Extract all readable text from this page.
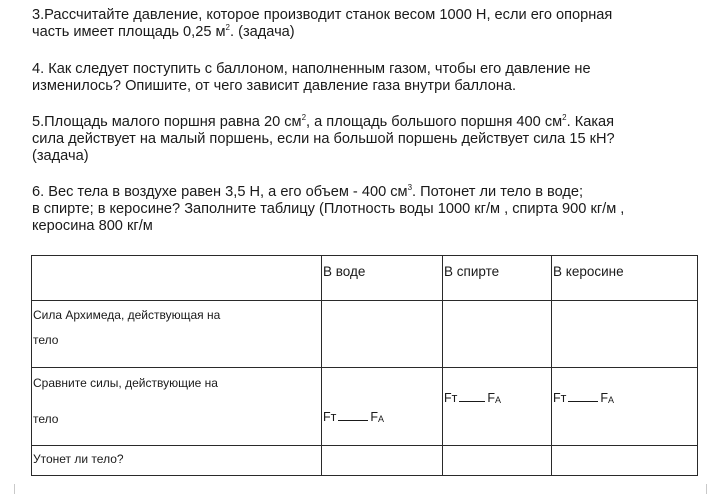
3.Рассчитайте давление, которое производит станок весом 1000 Н, если его опорная
часть имеет площадь 0,25 $м^2$. (задача)
4. Как следует поступить с баллоном, наполненным газом, чтобы его давление не
изменилось? Опишите, от чего зависит давление газа внутри баллона.
5.Площадь малого поршня равна 20 $см^2$, а площадь большого поршня 400 $см^2$. Какая
сила действует на малый поршень, если на большой поршень действует сила 15 кН?
(задача)
6. Вес тела в воздухе равен 3,5 Н, а его объем - 400 $см^3$. Потонет ли тело в воде;
в спирте; в керосине? Заполните таблицу (Плотность воды 1000 кг/м , спирта 900 кг/м ,
керосина 800 кг/м

	В воде	В спирте	В керосине

Сила Архимеда, действующая на
тело			

Сравните силы, действующие на
тело	Fт $F_A$	Fт $F_A$	Fт $F_A$

Утонет ли тело?			
